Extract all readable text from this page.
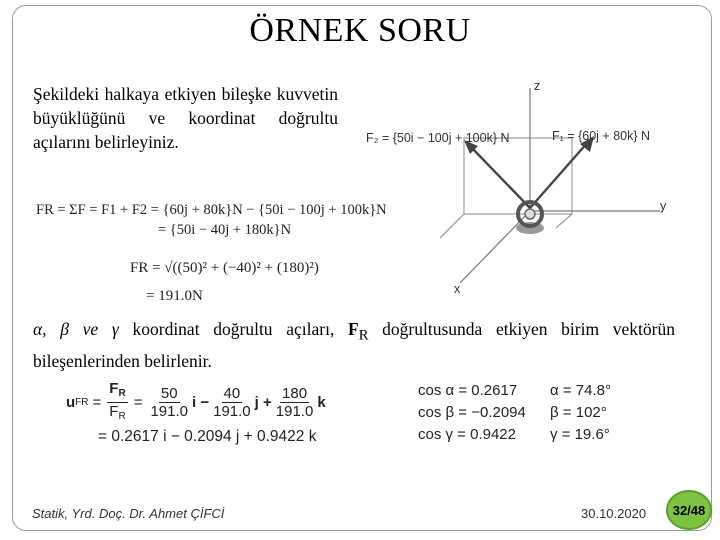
ÖRNEK SORU
Şekildeki halkaya etkiyen bileşke kuvvetin büyüklüğünü ve koordinat doğrultu açılarını belirleyiniz.
FR = ΣF = F1 + F2 = {60j + 80k}N − {50i − 100j + 100k}N
= {50i − 40j + 180k}N
FR = √((50)² + (−40)² + (180)²)
= 191.0N
F₂ = {50i − 100j + 100k} N	F₁ = {60j + 80k} N
z
y
x
α, β ve γ koordinat doğrultu açıları, $F_R$ doğrultusunda etkiyen birim vektörün bileşenlerinden belirlenir.
u FR = $\frac{F_R}{F_R} = \frac{50}{191.0}$ $i - \frac{40}{191.0}$ $j + \frac{180}{191.0}$ k
= 0.2617 i − 0.2094 j + 0.9422 k
cos α = 0.2617	α = 74.8°
cos β = −0.2094	β = 102°
cos γ = 0.9422	γ = 19.6°
Statik, Yrd. Doç. Dr. Ahmet ÇİFCİ	30.10.2020	32/48
